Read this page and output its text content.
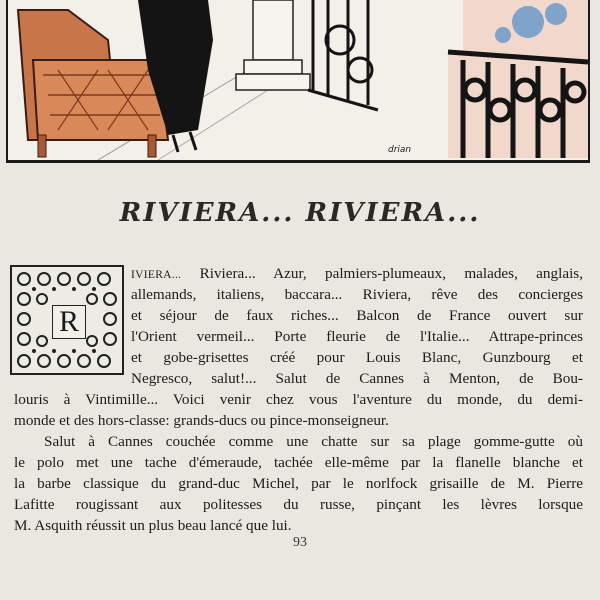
drian
RIVIERA... RIVIERA...
R
IVIERA... Riviera... Azur, palmiers-plumeaux, malades, anglais,
allemands, italiens, baccara... Riviera, rêve des concierges
et séjour de faux riches... Balcon de France ouvert sur
l'Orient vermeil... Porte fleurie de l'Italie... Attrape-princes
et gobe-grisettes créé pour Louis Blanc, Gunzbourg et
Negresco, salut!... Salut de Cannes à Menton, de Bou-
louris à Vintimille... Voici venir chez vous l'aventure du monde, du demi-
monde et des hors-classe: grands-ducs ou pince-monseigneur.
Salut à Cannes couchée comme une chatte sur sa plage gomme-gutte où
le polo met une tache d'émeraude, tachée elle-même par la flanelle blanche et
la barbe classique du grand-duc Michel, par le norlfock grisaille de M. Pierre
Lafitte rougissant aux politesses du russe, pinçant les lèvres lorsque
M. Asquith réussit un plus beau lancé que lui.
93
